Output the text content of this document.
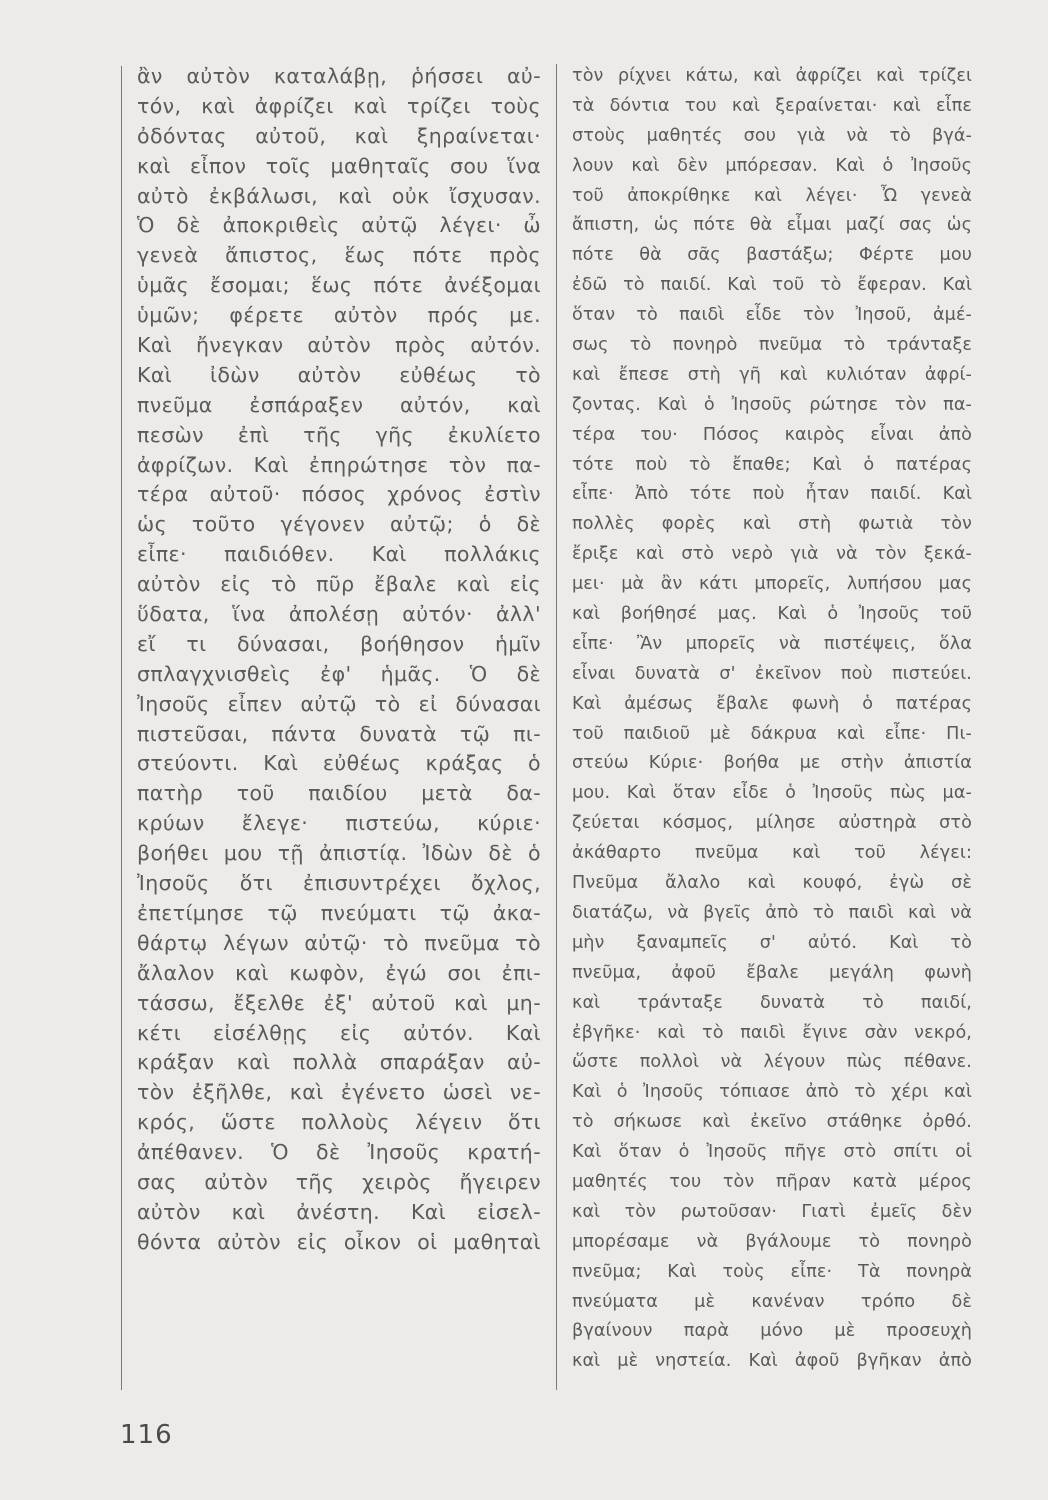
ἂν αὐτὸν καταλάβῃ, ῥήσσει αὐ-
τόν, καὶ ἀφρίζει καὶ τρίζει τοὺς
ὀδόντας αὐτοῦ, καὶ ξηραίνεται·
καὶ εἶπον τοῖς μαθηταῖς σου ἵνα
αὐτὸ ἐκβάλωσι, καὶ οὐκ ἴσχυσαν.
Ὁ δὲ ἀποκριθεὶς αὐτῷ λέγει· ὦ
γενεὰ ἄπιστος, ἕως πότε πρὸς
ὑμᾶς ἔσομαι; ἕως πότε ἀνέξομαι
ὑμῶν; φέρετε αὐτὸν πρός με.
Καὶ ἤνεγκαν αὐτὸν πρὸς αὐτόν.
Καὶ ἰδὼν αὐτὸν εὐθέως τὸ
πνεῦμα ἐσπάραξεν αὐτόν, καὶ
πεσὼν ἐπὶ τῆς γῆς ἐκυλίετο
ἀφρίζων. Καὶ ἐπηρώτησε τὸν πα-
τέρα αὐτοῦ· πόσος χρόνος ἐστὶν
ὡς τοῦτο γέγονεν αὐτῷ; ὁ δὲ
εἶπε· παιδιόθεν. Καὶ πολλάκις
αὐτὸν εἰς τὸ πῦρ ἔβαλε καὶ εἰς
ὕδατα, ἵνα ἀπολέσῃ αὐτόν· ἀλλ'
εἴ τι δύνασαι, βοήθησον ἡμῖν
σπλαγχνισθεὶς ἐφ' ἡμᾶς. Ὁ δὲ
Ἰησοῦς εἶπεν αὐτῷ τὸ εἰ δύνασαι
πιστεῦσαι, πάντα δυνατὰ τῷ πι-
στεύοντι. Καὶ εὐθέως κράξας ὁ
πατὴρ τοῦ παιδίου μετὰ δα-
κρύων ἔλεγε· πιστεύω, κύριε·
βοήθει μου τῇ ἀπιστίᾳ. Ἰδὼν δὲ ὁ
Ἰησοῦς ὅτι ἐπισυντρέχει ὄχλος,
ἐπετίμησε τῷ πνεύματι τῷ ἀκα-
θάρτῳ λέγων αὐτῷ· τὸ πνεῦμα τὸ
ἄλαλον καὶ κωφὸν, ἐγώ σοι ἐπι-
τάσσω, ἔξελθε ἐξ' αὐτοῦ καὶ μη-
κέτι εἰσέλθῃς εἰς αὐτόν. Καὶ
κράξαν καὶ πολλὰ σπαράξαν αὐ-
τὸν ἐξῆλθε, καὶ ἐγένετο ὡσεὶ νε-
κρός, ὥστε πολλοὺς λέγειν ὅτι
ἀπέθανεν. Ὁ δὲ Ἰησοῦς κρατή-
σας αὐτὸν τῆς χειρὸς ἤγειρεν
αὐτὸν καὶ ἀνέστη. Καὶ εἰσελ-
θόντα αὐτὸν εἰς οἶκον οἱ μαθηταὶ
τὸν ρίχνει κάτω, καὶ ἀφρίζει καὶ τρίζει
τὰ δόντια του καὶ ξεραίνεται· καὶ εἶπε
στοὺς μαθητές σου γιὰ νὰ τὸ βγά-
λουν καὶ δὲν μπόρεσαν. Καὶ ὁ Ἰησοῦς
τοῦ ἀποκρίθηκε καὶ λέγει· Ὦ γενεὰ
ἄπιστη, ὡς πότε θὰ εἶμαι μαζί σας ὡς
πότε θὰ σᾶς βαστάξω; Φέρτε μου
ἐδῶ τὸ παιδί. Καὶ τοῦ τὸ ἔφεραν. Καὶ
ὅταν τὸ παιδὶ εἶδε τὸν Ἰησοῦ, ἀμέ-
σως τὸ πονηρὸ πνεῦμα τὸ τράνταξε
καὶ ἔπεσε στὴ γῆ καὶ κυλιόταν ἀφρί-
ζοντας. Καὶ ὁ Ἰησοῦς ρώτησε τὸν πα-
τέρα του· Πόσος καιρὸς εἶναι ἀπὸ
τότε ποὺ τὸ ἔπαθε; Καὶ ὁ πατέρας
εἶπε· Ἀπὸ τότε ποὺ ἦταν παιδί. Καὶ
πολλὲς φορὲς καὶ στὴ φωτιὰ τὸν
ἔριξε καὶ στὸ νερὸ γιὰ νὰ τὸν ξεκά-
μει· μὰ ἂν κάτι μπορεῖς, λυπήσου μας
καὶ βοήθησέ μας. Καὶ ὁ Ἰησοῦς τοῦ
εἶπε· Ἂν μπορεῖς νὰ πιστέψεις, ὅλα
εἶναι δυνατὰ σ' ἐκεῖνον ποὺ πιστεύει.
Καὶ ἀμέσως ἔβαλε φωνὴ ὁ πατέρας
τοῦ παιδιοῦ μὲ δάκρυα καὶ εἶπε· Πι-
στεύω Κύριε· βοήθα με στὴν ἀπιστία
μου. Καὶ ὅταν εἶδε ὁ Ἰησοῦς πὼς μα-
ζεύεται κόσμος, μίλησε αὐστηρὰ στὸ
ἀκάθαρτο πνεῦμα καὶ τοῦ λέγει:
Πνεῦμα ἄλαλο καὶ κουφό, ἐγὼ σὲ
διατάζω, νὰ βγεῖς ἀπὸ τὸ παιδὶ καὶ νὰ
μὴν ξαναμπεῖς σ' αὐτό. Καὶ τὸ
πνεῦμα, ἀφοῦ ἔβαλε μεγάλη φωνὴ
καὶ τράνταξε δυνατὰ τὸ παιδί,
ἐβγῆκε· καὶ τὸ παιδὶ ἔγινε σὰν νεκρό,
ὥστε πολλοὶ νὰ λέγουν πὼς πέθανε.
Καὶ ὁ Ἰησοῦς τόπιασε ἀπὸ τὸ χέρι καὶ
τὸ σήκωσε καὶ ἐκεῖνο στάθηκε ὀρθό.
Καὶ ὅταν ὁ Ἰησοῦς πῆγε στὸ σπίτι οἱ
μαθητές του τὸν πῆραν κατὰ μέρος
καὶ τὸν ρωτοῦσαν· Γιατὶ ἐμεῖς δὲν
μπορέσαμε νὰ βγάλουμε τὸ πονηρὸ
πνεῦμα; Καὶ τοὺς εἶπε· Τὰ πονηρὰ
πνεύματα μὲ κανέναν τρόπο δὲ
βγαίνουν παρὰ μόνο μὲ προσευχὴ
καὶ μὲ νηστεία. Καὶ ἀφοῦ βγῆκαν ἀπὸ
116
